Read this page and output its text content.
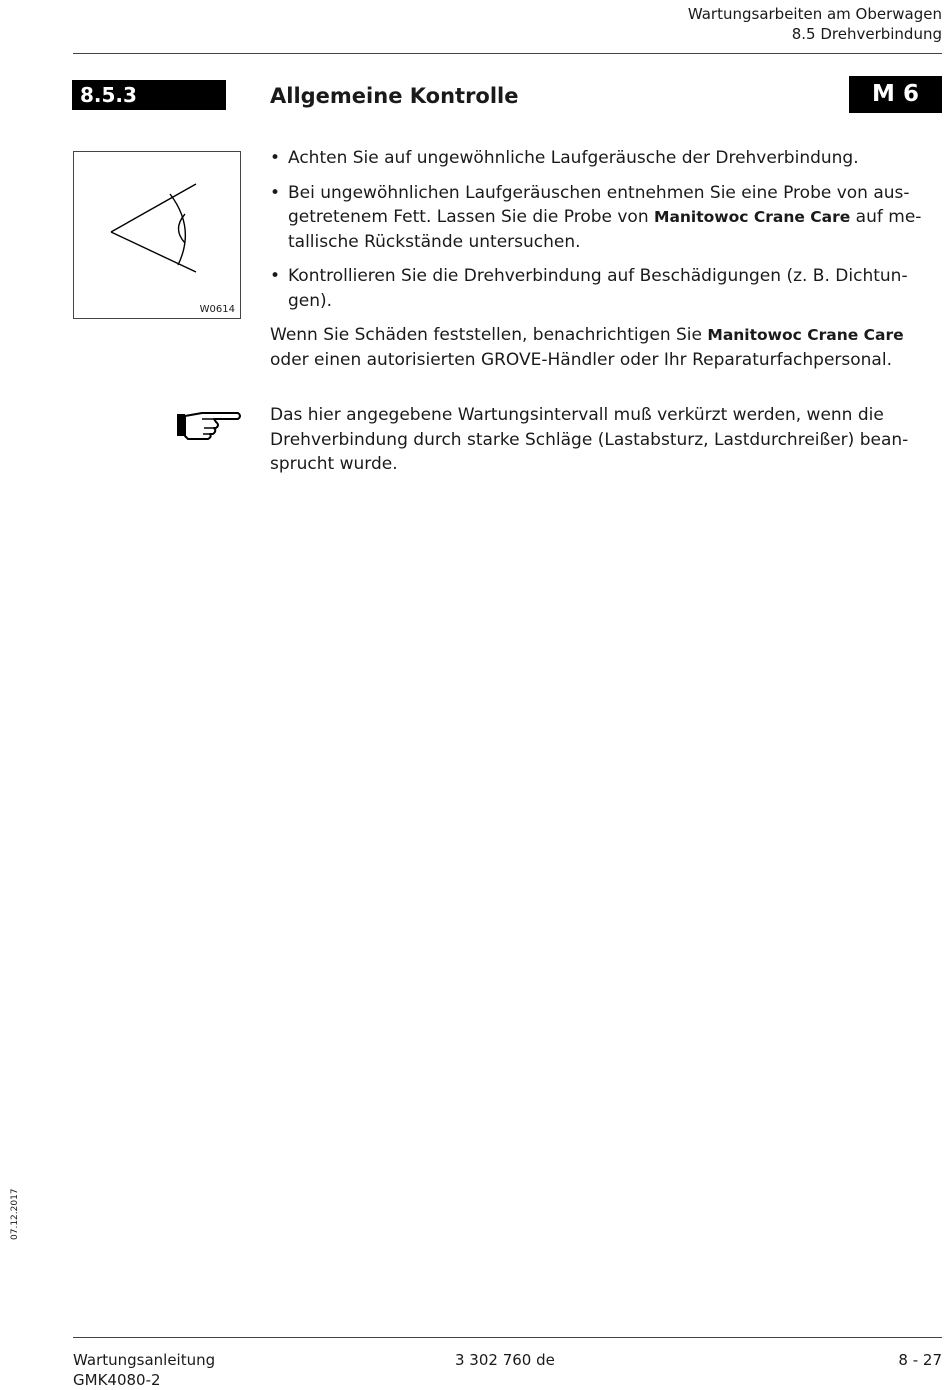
Wartungsarbeiten am Oberwagen
8.5 Drehverbindung
8.5.3	Allgemeine Kontrolle	M 6
W0614
• Achten Sie auf ungewöhnliche Laufgeräusche der Drehverbindung.
• Bei ungewöhnlichen Laufgeräuschen entnehmen Sie eine Probe von ausgetretenem Fett. Lassen Sie die Probe von Manitowoc Crane Care auf metallische Rückstände untersuchen.
• Kontrollieren Sie die Drehverbindung auf Beschädigungen (z. B. Dichtungen).

Wenn Sie Schäden feststellen, benachrichtigen Sie Manitowoc Crane Care oder einen autorisierten GROVE-Händler oder Ihr Reparaturfachpersonal.

Das hier angegebene Wartungsintervall muß verkürzt werden, wenn die Drehverbindung durch starke Schläge (Lastabsturz, Lastdurchreißer) beansprucht wurde.

07.12.2017
Wartungsanleitung
GMK4080-2
3 302 760 de	8 - 27
